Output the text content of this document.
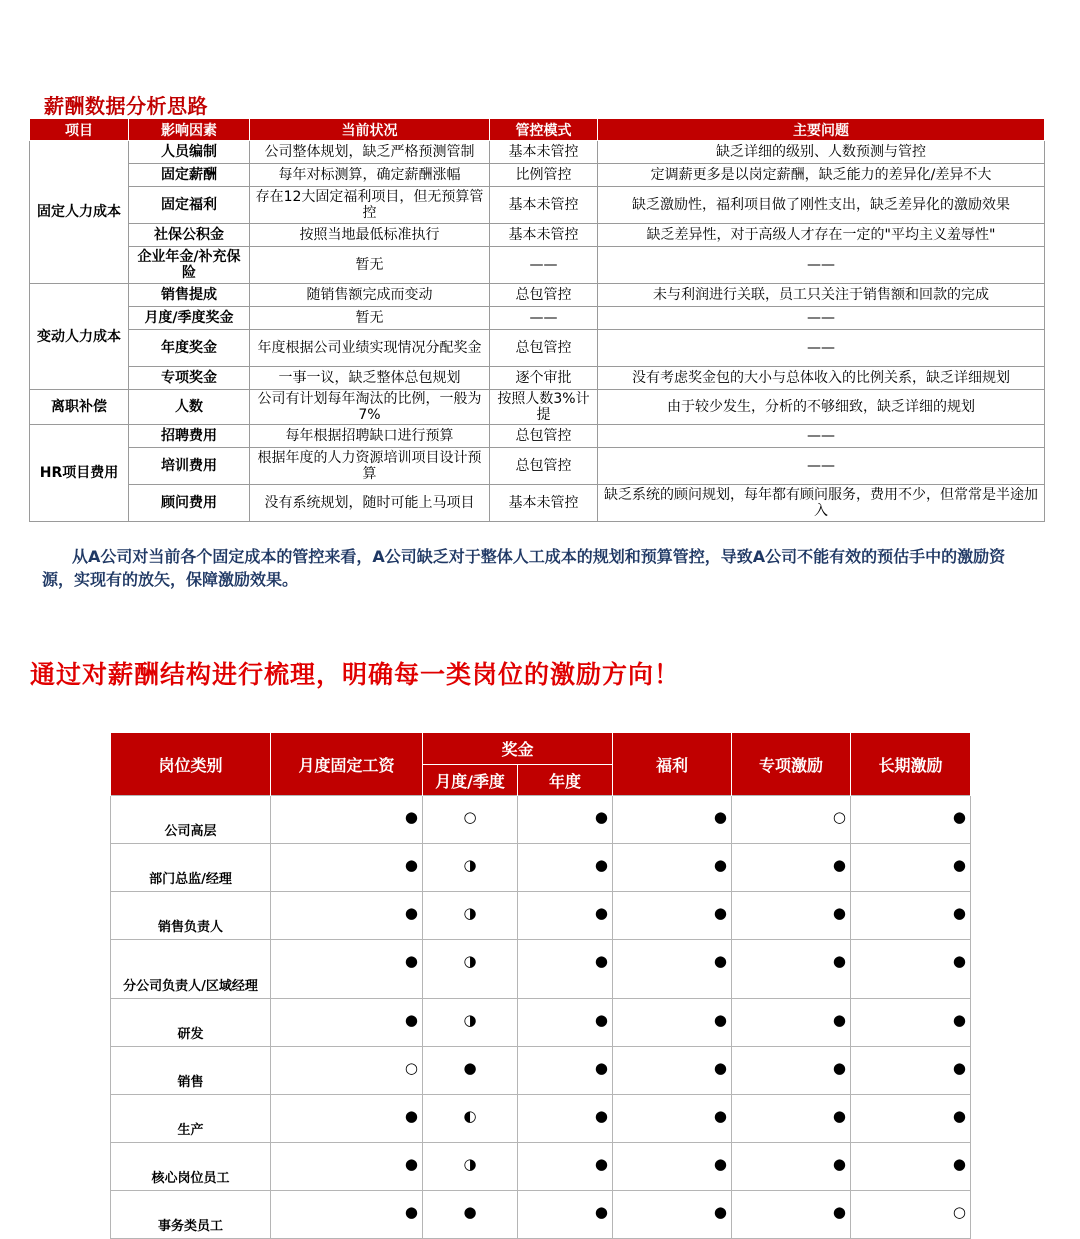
薪酬数据分析思路
项目	影响因素	当前状况	管控模式	主要问题
固定人力成本	人员编制	公司整体规划，缺乏严格预测管制	基本未管控	缺乏详细的级别、人数预测与管控
	固定薪酬	每年对标测算，确定薪酬涨幅	比例管控	定调薪更多是以岗定薪酬，缺乏能力的差异化/差异不大
	固定福利	存在12大固定福利项目，但无预算管控	基本未管控	缺乏激励性，福利项目做了刚性支出，缺乏差异化的激励效果
	社保公积金	按照当地最低标准执行	基本未管控	缺乏差异性，对于高级人才存在一定的"平均主义羞辱性"
	企业年金/补充保险	暂无	——	——
变动人力成本	销售提成	随销售额完成而变动	总包管控	未与利润进行关联，员工只关注于销售额和回款的完成
	月度/季度奖金	暂无	——	——
	年度奖金	年度根据公司业绩实现情况分配奖金	总包管控	——
	专项奖金	一事一议，缺乏整体总包规划	逐个审批	没有考虑奖金包的大小与总体收入的比例关系，缺乏详细规划
离职补偿	人数	公司有计划每年淘汰的比例，一般为7%	按照人数3%计提	由于较少发生，分析的不够细致，缺乏详细的规划
HR项目费用	招聘费用	每年根据招聘缺口进行预算	总包管控	——
	培训费用	根据年度的人力资源培训项目设计预算	总包管控	——
	顾问费用	没有系统规划，随时可能上马项目	基本未管控	缺乏系统的顾问规划，每年都有顾问服务，费用不少，但常常是半途加入
从A公司对当前各个固定成本的管控来看，A公司缺乏对于整体人工成本的规划和预算管控，导致A公司不能有效的预估手中的激励资源，实现有的放矢，保障激励效果。
通过对薪酬结构进行梳理，明确每一类岗位的激励方向！
岗位类别	月度固定工资	奖金		福利	专项激励	长期激励
		月度/季度	年度			
公司高层	●	○	●	●	○	●

部门总监/经理	●	◑	●	●	●	●

销售负责人	●	◑	●	●	●	●

分公司负责人/区域经理	●	◑	●	●	●	●

研发	●	◑	●	●	●	●

销售	○	●	●	●	●	●

生产	●	◐	●	●	●	●

核心岗位员工	●	◑	●	●	●	●

事务类员工	●	●	●	●	●	○
